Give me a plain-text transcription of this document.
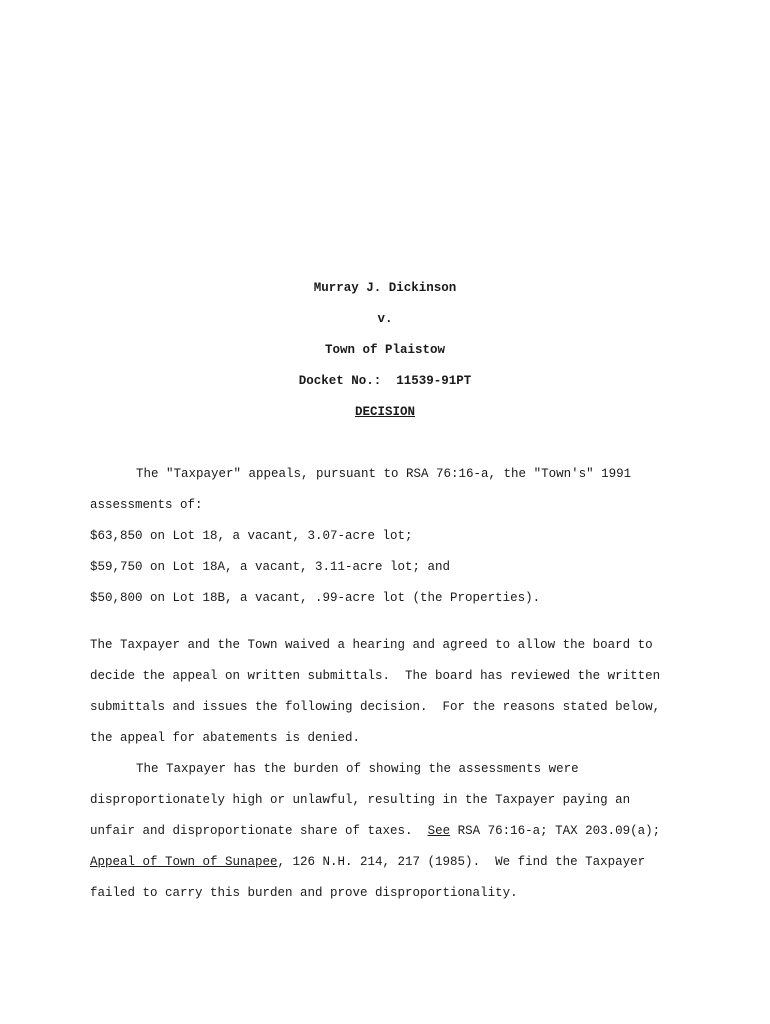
Murray J. Dickinson
v.
Town of Plaistow
Docket No.:  11539-91PT
DECISION
The "Taxpayer" appeals, pursuant to RSA 76:16-a, the "Town's" 1991
assessments of:
$63,850 on Lot 18, a vacant, 3.07-acre lot;
$59,750 on Lot 18A, a vacant, 3.11-acre lot; and
$50,800 on Lot 18B, a vacant, .99-acre lot (the Properties).
The Taxpayer and the Town waived a hearing and agreed to allow the board to
decide the appeal on written submittals.  The board has reviewed the written
submittals and issues the following decision.  For the reasons stated below,
the appeal for abatements is denied.
The Taxpayer has the burden of showing the assessments were
disproportionately high or unlawful, resulting in the Taxpayer paying an
unfair and disproportionate share of taxes.  See RSA 76:16-a; TAX 203.09(a);
Appeal of Town of Sunapee, 126 N.H. 214, 217 (1985).  We find the Taxpayer
failed to carry this burden and prove disproportionality.
